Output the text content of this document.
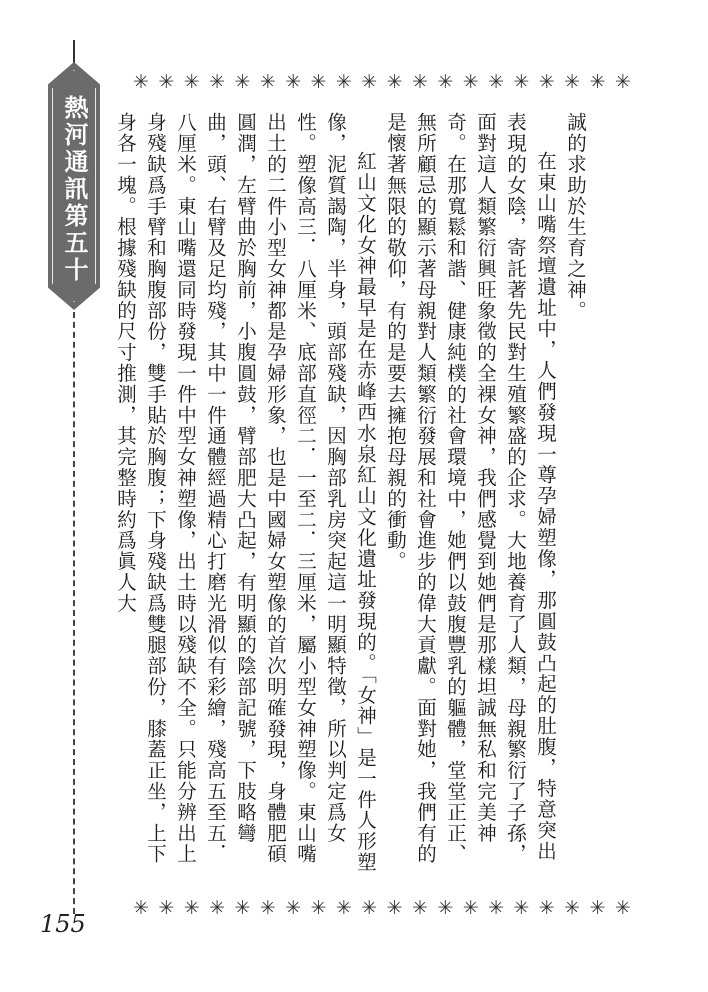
熱河通訊第五十九期
✳ ✳ ✳ ✳ ✳ ✳ ✳ ✳ ✳ ✳ ✳ ✳ ✳ ✳ ✳ ✳ ✳ ✳ ✳ ✳

誠的求助於生育之神。

在東山嘴祭壇遺址中，人們發現一尊孕婦塑像，那圓鼓凸起的肚腹，特意突出表現的女陰，寄託著先民對生殖繁盛的企求。大地養育了人類，母親繁衍了子孫，面對這人類繁衍興旺象徵的全裸女神，我們感覺到她們是那樣坦誠無私和完美神奇。在那寬鬆和諧、健康純樸的社會環境中，她們以鼓腹豐乳的軀體，堂堂正正、無所顧忌的顯示著母親對人類繁衍發展和社會進步的偉大貢獻。面對她，我們有的是懷著無限的敬仰，有的是要去擁抱母親的衝動。

紅山文化女神最早是在赤峰西水泉紅山文化遺址發現的。「女神」是一件人形塑像，泥質謁陶，半身，頭部殘缺，因胸部乳房突起這一明顯特徵，所以判定爲女性。塑像高三．八厘米、底部直徑二．一至二．三厘米，屬小型女神塑像。東山嘴出土的二件小型女神都是孕婦形象，也是中國婦女塑像的首次明確發現，身體肥碩圓潤，左臂曲於胸前，小腹圓鼓，臂部肥大凸起，有明顯的陰部記號，下肢略彎曲，頭、右臂及足均殘，其中一件通體經過精心打磨光滑似有彩繪，殘高五至五．八厘米。東山嘴還同時發現一件中型女神塑像，出土時以殘缺不全。只能分辨出上身殘缺爲手臂和胸腹部份，雙手貼於胸腹；下身殘缺爲雙腿部份，膝蓋正坐，上下身各一塊。根據殘缺的尺寸推測，其完整時約爲眞人大

✳ ✳ ✳ ✳ ✳ ✳ ✳ ✳ ✳ ✳ ✳ ✳ ✳ ✳ ✳ ✳ ✳ ✳ ✳ ✳
155
